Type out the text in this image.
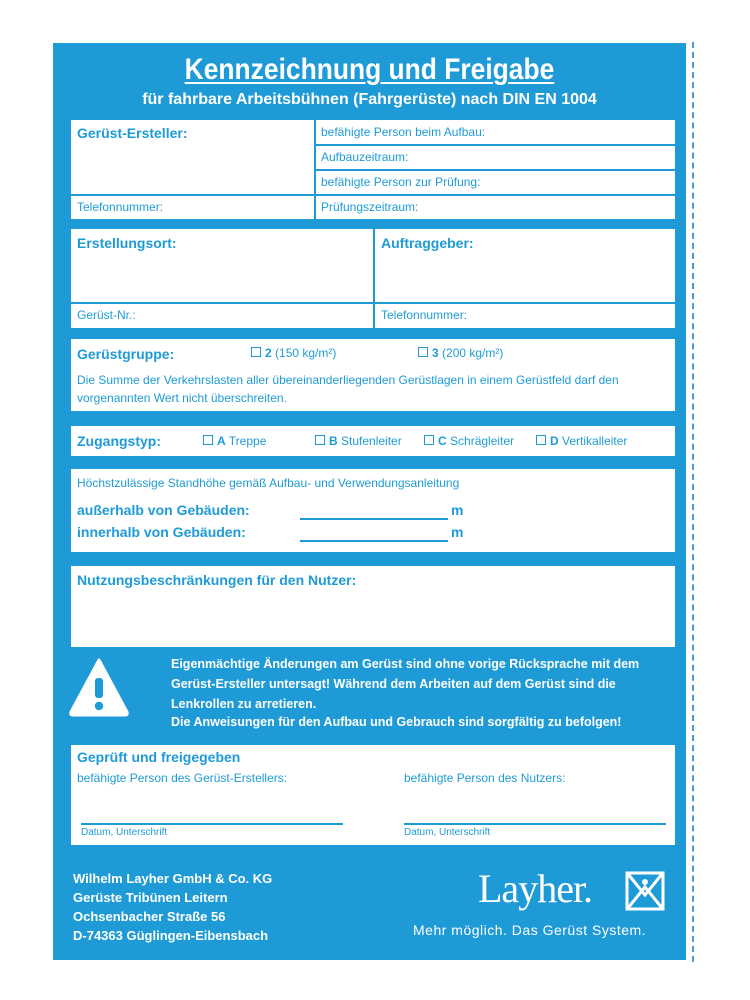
Kennzeichnung und Freigabe
für fahrbare Arbeitsbühnen (Fahrgerüste) nach DIN EN 1004
Gerüst-Ersteller:	befähigte Person beim Aufbau:
Aufbauzeitraum:
befähigte Person zur Prüfung:
Telefonnummer:	Prüfungszeitraum:
Erstellungsort:	Auftraggeber:
Gerüst-Nr.:	Telefonnummer:
Gerüstgruppe:	2 (150 kg/m²)	3 (200 kg/m²)
Die Summe der Verkehrslasten aller übereinanderliegenden Gerüstlagen in einem Gerüstfeld darf den
vorgenannten Wert nicht überschreiten.
Zugangstyp:	A Treppe	B Stufenleiter	C Schrägleiter	D Vertikalleiter
Höchstzulässige Standhöhe gemäß Aufbau- und Verwendungsanleitung
außerhalb von Gebäuden:	m
innerhalb von Gebäuden:	m
Nutzungsbeschränkungen für den Nutzer:
Eigenmächtige Änderungen am Gerüst sind ohne vorige Rücksprache mit dem
Gerüst-Ersteller untersagt! Während dem Arbeiten auf dem Gerüst sind die
Lenkrollen zu arretieren.
Die Anweisungen für den Aufbau und Gebrauch sind sorgfältig zu befolgen!
Geprüft und freigegeben
befähigte Person des Gerüst-Erstellers:	befähigte Person des Nutzers:
Datum, Unterschrift	Datum, Unterschrift
Wilhelm Layher GmbH & Co. KG
Gerüste Tribünen Leitern
Ochsenbacher Straße 56
D-74363 Güglingen-Eibensbach
Layher.
Mehr möglich. Das Gerüst System.
